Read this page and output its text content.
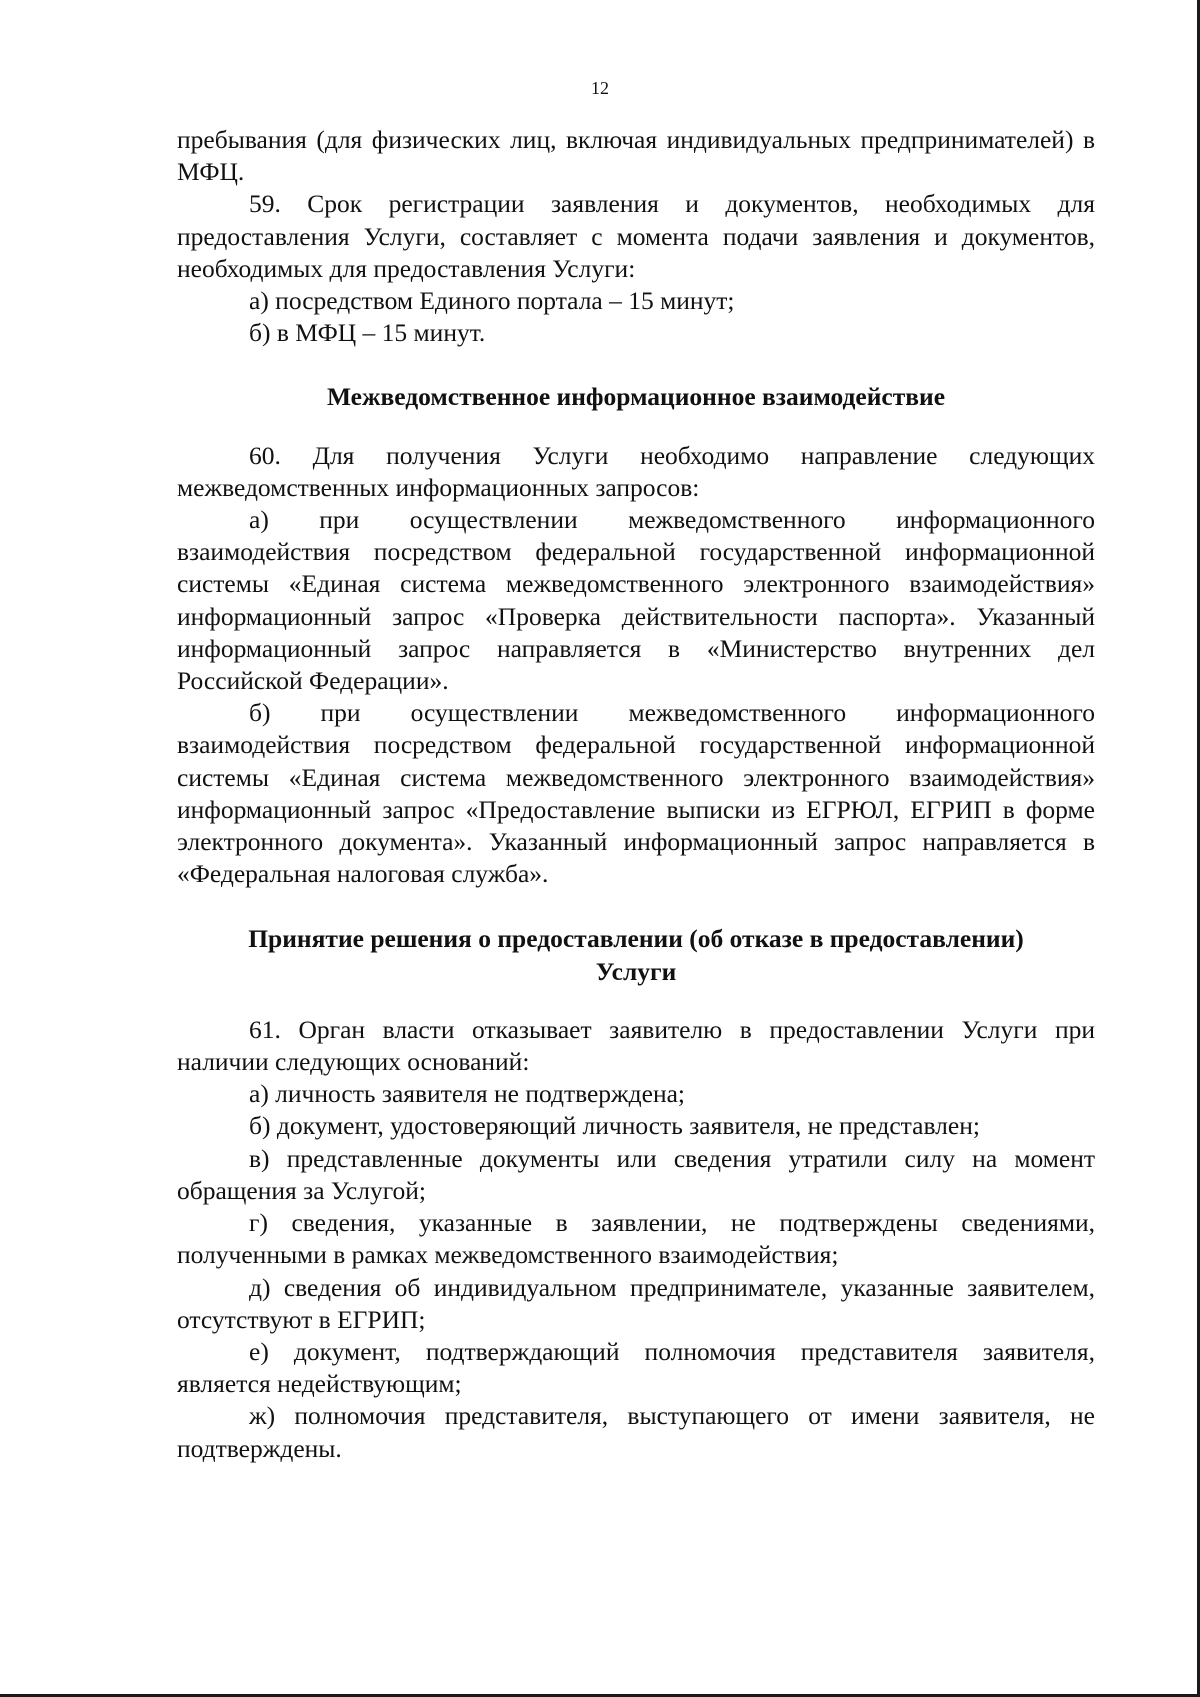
12

пребывания (для физических лиц, включая индивидуальных предпринимателей) в МФЦ.

59. Срок регистрации заявления и документов, необходимых для предоставления Услуги, составляет с момента подачи заявления и документов, необходимых для предоставления Услуги:

а) посредством Единого портала – 15 минут;

б) в МФЦ – 15 минут.

Межведомственное информационное взаимодействие

60. Для получения Услуги необходимо направление следующих межведомственных информационных запросов:

а) при осуществлении межведомственного информационного взаимодействия посредством федеральной государственной информационной системы «Единая система межведомственного электронного взаимодействия» информационный запрос «Проверка действительности паспорта». Указанный информационный запрос направляется в «Министерство внутренних дел Российской Федерации».

б) при осуществлении межведомственного информационного взаимодействия посредством федеральной государственной информационной системы «Единая система межведомственного электронного взаимодействия» информационный запрос «Предоставление выписки из ЕГРЮЛ, ЕГРИП в форме электронного документа». Указанный информационный запрос направляется в «Федеральная налоговая служба».

Принятие решения о предоставлении (об отказе в предоставлении)

Услуги

61. Орган власти отказывает заявителю в предоставлении Услуги при наличии следующих оснований:

а) личность заявителя не подтверждена;

б) документ, удостоверяющий личность заявителя, не представлен;

в) представленные документы или сведения утратили силу на момент обращения за Услугой;

г) сведения, указанные в заявлении, не подтверждены сведениями, полученными в рамках межведомственного взаимодействия;

д) сведения об индивидуальном предпринимателе, указанные заявителем, отсутствуют в ЕГРИП;

е) документ, подтверждающий полномочия представителя заявителя, является недействующим;

ж) полномочия представителя, выступающего от имени заявителя, не подтверждены.
